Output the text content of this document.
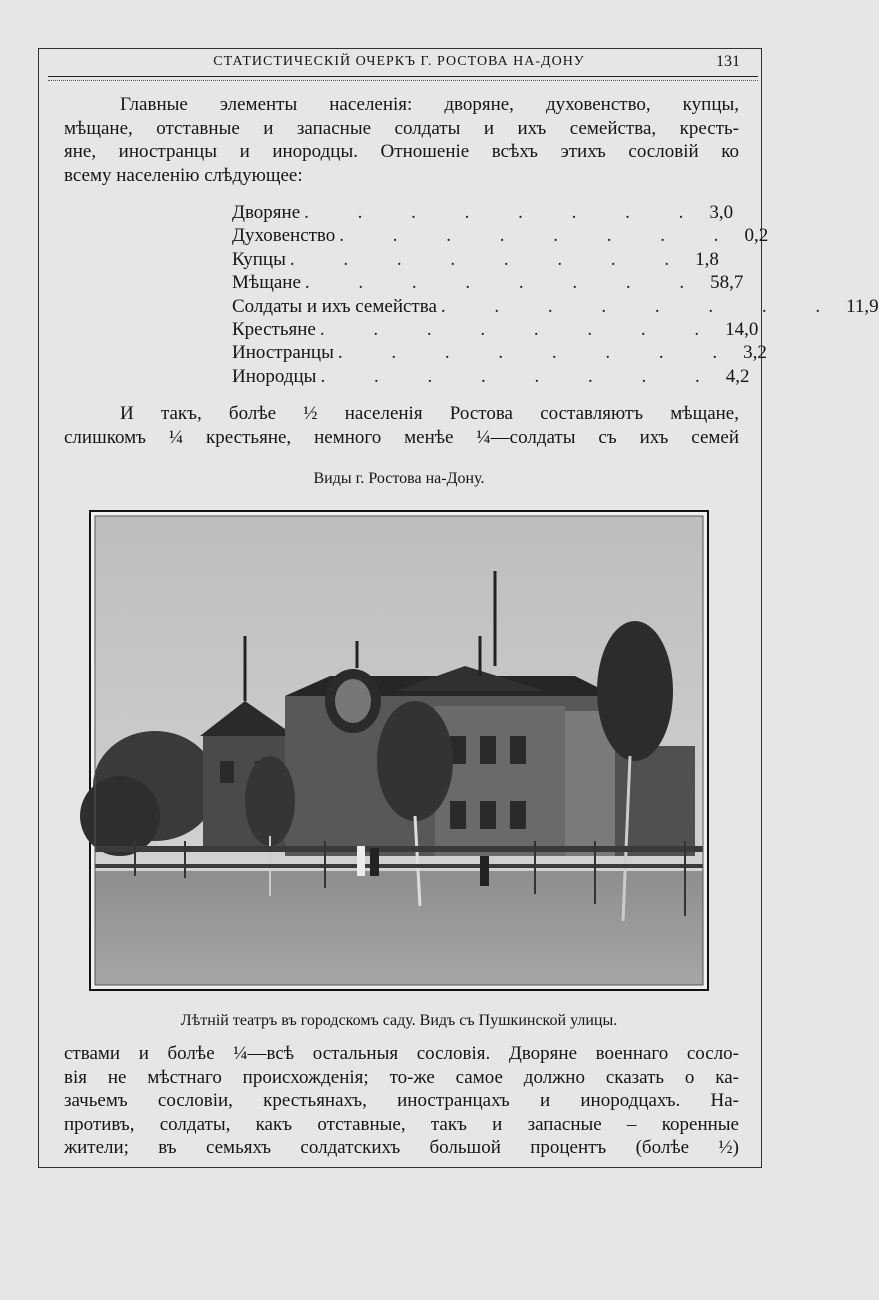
СТАТИСТИЧЕСКІЙ ОЧЕРКЪ Г. РОСТОВА НА-ДОНУ	131
Главные элементы населенія: дворяне, духовенство, купцы,
мѣщане, отставные и запасные солдаты и ихъ семейства, кресть-
яне, иностранцы и инородцы. Отношеніе всѣхъ этихъ сословій ко
всему населенію слѣдующее:
Дворяне . . . . . . . . 3,0
Духовенство . . . . . . . . 0,2
Купцы . . . . . . . . 1,8
Мѣщане . . . . . . . . 58,7
Солдаты и ихъ семейства . . . . . . . . 11,9
Крестьяне . . . . . . . . 14,0
Иностранцы . . . . . . . . 3,2
Инородцы . . . . . . . . 4,2
И такъ, болѣе ½ населенія Ростова составляютъ мѣщане,
слишкомъ ¼ крестьяне, немного менѣе ¼—солдаты съ ихъ семей
Виды г. Ростова на-Дону.
Лѣтній театръ въ городскомъ саду. Видъ съ Пушкинской улицы.
ствами и болѣе ¼—всѣ остальныя сословія. Дворяне военнаго сосло-
вія не мѣстнаго происхожденія; то-же самое должно сказать о ка-
зачьемъ сословіи, крестьянахъ, иностранцахъ и инородцахъ. На-
противъ, солдаты, какъ отставные, такъ и запасные – коренные
жители; въ семьяхъ солдатскихъ большой процентъ (болѣе ½)
